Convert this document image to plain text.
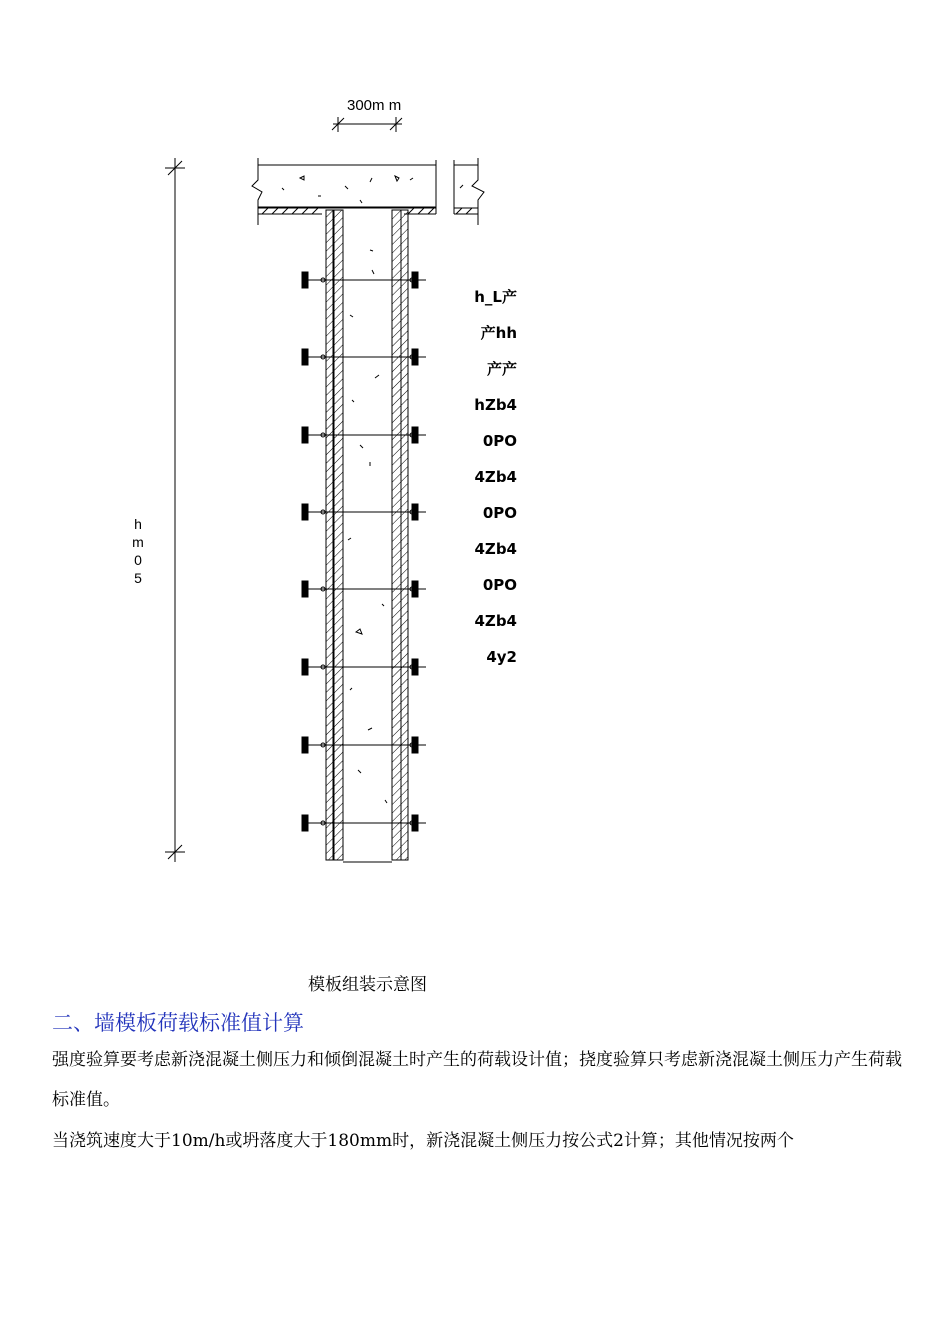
300m m
h
m
0
5
h_L产
产hh
产产
hZb4
0PO
4Zb4
0PO
4Zb4
0PO
4Zb4
4y2
模板组装示意图
二、墙模板荷载标准值计算
强度验算要考虑新浇混凝土侧压力和倾倒混凝土时产生的荷载设计值；挠度验算只考虑新浇混凝土侧压力产生荷载标准值。
当浇筑速度大于10m/h或坍落度大于180mm时，新浇混凝土侧压力按公式2计算；其他情况按两个
